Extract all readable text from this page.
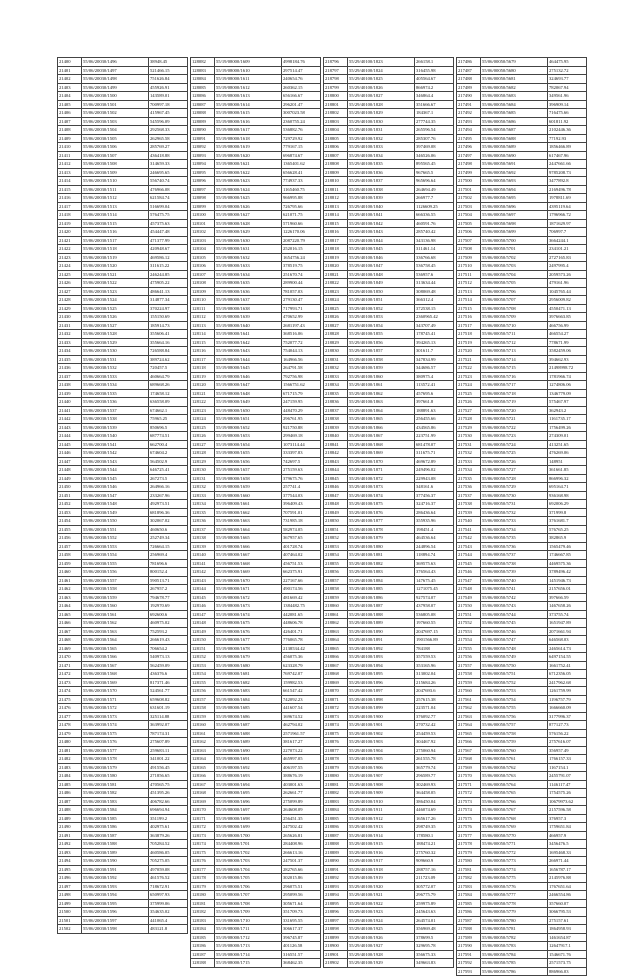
21400	55/06/20030/1496	38948.45
21401	55/06/20030/1497	521466.15
21402	55/06/20030/1498	751626.84
21403	55/06/20030/1499	455926.91
21404	55/06/20030/1500	143589.01
21405	55/06/20030/1501	700997.18
21406	55/06/20030/1502	415967.45
21407	55/06/20030/1503	545596.09
21408	55/06/20030/1504	292568.33
21409	55/06/20030/1505	262965.58
21410	55/06/20030/1506	285769.27
21411	55/06/20030/1507	436418.88
21412	55/06/20030/1508	314659.33
21413	55/06/20030/1509	246695.65
21414	55/06/20030/1510	556740.74
21415	55/06/20030/1511	476966.08
21416	55/06/20030/1512	621584.74
21417	55/06/20030/1513	516699.04
21418	55/06/20030/1514	576475.75
21419	55/06/20030/1515	457375.63
21420	55/06/20030/1516	454447.48
21421	55/06/20030/1517	471377.99
21422	55/06/20030/1518	420948.67
21423	55/06/20030/1519	469586.12
21424	55/06/20030/1520	311615.22
21425	55/06/20030/1521	246244.85
21426	55/06/20030/1522	475905.22
21427	55/06/20030/1523	486641.13
21428	55/06/20030/1524	314877.34
21429	55/06/20030/1525	370224.97
21430	55/06/20030/1526	155150.69
21431	55/06/20030/1527	185914.73
21432	55/06/20030/1528	355606.41
21433	55/06/20030/1529	355664.16
21434	55/06/20030/1530	726588.84
21435	55/06/20030/1531	389724.62
21436	55/06/20030/1532	720457.5
21437	55/06/20030/1533	460664.79
21438	55/06/20030/1534	689668.26
21439	55/06/20030/1535	174658.12
21440	55/06/20030/1536	636558.09
21441	55/06/20030/1537	674662.1
21442	55/06/20030/1538	75965.25
21443	55/06/20030/1539	850696.5
21444	55/06/20030/1540	687774.51
21445	55/06/20030/1541	662700.4
21446	55/06/20030/1542	674604.2
21447	55/06/20030/1543	564502.9
21448	55/06/20030/1544	646725.41
21449	55/06/20030/1545	267273.5
21450	55/06/20030/1546	264966.16
21451	55/06/20030/1547	233267.96
21452	55/06/20030/1548	492973.51
21453	55/06/20030/1549	681896.36
21454	55/06/20030/1550	302067.02
21455	55/06/20030/1551	460650.6
21456	55/06/20030/1552	252749.34
21457	55/06/20030/1553	726664.15
21458	55/06/20030/1554	256969.4
21459	55/06/20030/1555	781696.6
21460	55/06/20030/1556	800152.4
21461	55/06/20030/1557	590513.71
21462	55/06/20030/1558	267957.2
21463	55/06/20030/1559	794678.77
21464	55/06/20030/1560	192970.69
21465	55/06/20030/1561	692600.6
21466	55/06/20030/1562	460975.02
21467	55/06/20030/1563	752593.2
21468	55/06/20030/1564	266619.43
21469	55/06/20030/1565	706654.2
21470	55/06/20030/1566	540973.13
21471	55/06/20030/1567	562459.09
21472	55/06/20030/1568	436376.6
21473	55/06/20030/1569	817371.46
21474	55/06/20030/1570	524561.77
21475	55/06/20030/1571	659608.82
21476	55/06/20030/1572	631601.19
21477	55/06/20030/1573	325114.88
21478	55/06/20030/1574	363992.07
21479	55/06/20030/1575	787174.31
21480	55/06/20030/1576	275607.89
21481	55/06/20030/1577	259683.11
21482	55/06/20030/1578	341001.22
21483	55/06/20030/1579	491556.45
21484	55/06/20030/1580	271856.65
21485	55/06/20030/1581	470565.75
21486	55/06/20030/1582	451395.26
21487	55/06/20030/1583	406782.66
21488	55/06/20030/1584	696694.94
21489	55/06/20030/1585	351199.2
21490	55/06/20030/1586	402975.61
21491	55/06/20030/1587	363879.26
21492	55/06/20030/1588	705284.52
21493	55/06/20030/1589	460586.05
21494	55/06/20030/1590	705275.05
21495	55/06/20030/1591	497059.08
21496	55/06/20030/1592	461576.52
21497	55/06/20030/1593	718672.91
21498	55/06/20030/1594	650997.93
21499	55/06/20030/1595	375999.06
21500	55/06/20030/1596	354635.02
21501	55/06/20030/1597	441065.4
21502	55/06/20030/1598	483121.8
128082	55/19/08000/1609	4998184.76
128083	55/19/08000/1610	297514.47
128084	55/19/08000/1611	240654.76
128085	55/19/08000/1612	260362.15
128086	55/19/08000/1613	656166.67
128087	55/19/08000/1614	296201.47
128088	55/19/08000/1615	3007023.58
128089	55/19/08000/1616	2360755.24
128090	55/19/08000/1617	536882.76
128091	55/19/08000/1618	729729.92
128092	55/19/08000/1619	779167.15
128093	55/19/08000/1620	696874.67
128094	55/19/08000/1621	1365401.62
128095	55/19/08000/1622	656628.41
128096	55/19/08000/1623	774937.33
128097	55/19/08000/1624	1165460.75
128098	55/19/08000/1625	966995.88
128099	55/19/08000/1626	726795.66
128100	55/19/08000/1627	621071.75
128101	55/19/08000/1628	571960.66
128102	55/19/08000/1629	1226170.06
128103	55/19/08000/1630	2087220.79
128104	55/19/08000/1631	252016.15
128105	55/19/08000/1632	1654756.24
128106	55/19/08000/1633	378519.75
128107	55/19/08000/1634	251670.74
128108	55/19/08000/1635	289900.44
128109	55/19/08000/1636	781057.03
128110	55/19/08000/1637	279130.47
128111	55/19/08000/1638	717993.71
128112	55/19/08000/1639	470652.99
128113	55/19/08000/1640	2681197.43
128114	55/19/08000/1641	368516.06
128115	55/19/08000/1642	752077.72
128116	55/19/08000/1643	754044.13
128117	55/19/08000/1644	164966.56
128118	55/19/08000/1645	264791.58
128119	55/19/08000/1646	792756.98
128120	55/19/08000/1647	1566751.62
128121	55/19/08000/1648	671715.79
128122	55/19/08000/1649	247159.95
128123	55/19/08000/1650	448470.29
128124	55/19/08000/1651	296761.95
128125	55/19/08000/1652	921750.88
128126	55/19/08000/1653	299469.18
128127	55/19/08000/1654	1073114.44
128128	55/19/08000/1655	333397.83
128129	55/19/08000/1656	742697.5
128130	55/19/08000/1657	275159.63
128131	55/19/08000/1658	379675.76
128132	55/19/08000/1659	257741.4
128133	55/19/08000/1660	377544.03
128134	55/19/08000/1661	396409.43
128135	55/19/08000/1662	707591.01
128136	55/19/08000/1663	731985.18
128137	55/19/08000/1664	582974.05
128138	55/19/08000/1665	367957.65
128139	55/19/08000/1666	401728.74
128140	55/19/08000/1667	407464.02
128141	55/19/08000/1668	456751.53
128142	55/19/08000/1669	662375.91
128143	55/19/08000/1670	227167.66
128144	55/19/08000/1671	490174.56
128145	55/19/08000/1672	481669.42
128146	55/19/08000/1673	1384482.75
128147	55/19/08000/1674	442081.65
128148	55/19/08000/1675	448606.78
128149	55/19/08000/1676	426401.71
128150	55/19/08000/1677	776065.78
128151	55/19/08000/1678	2138534.42
128152	55/19/08000/1679	456075.36
128153	55/19/08000/1680	623328.79
128154	55/19/08000/1681	769742.07
128155	55/19/08000/1682	159982.53
128156	55/19/08000/1683	661547.42
128157	55/19/08000/1684	742092.23
128158	55/19/08000/1685	441607.54
128159	55/19/08000/1686	169674.52
128160	55/19/08000/1687	462794.02
128161	55/19/08000/1688	2571961.57
128162	55/19/08000/1689	381617.27
128163	55/19/08000/1690	227073.22
128164	55/19/08000/1691	465997.05
128165	55/19/08000/1692	406197.55
128166	55/19/08000/1693	388676.19
128167	55/19/08000/1694	403001.63
128168	55/19/08000/1695	262661.77
128169	55/19/08000/1696	275099.89
128170	55/19/08000/1697	264608.09
128171	55/19/08000/1698	256451.35
128172	55/19/08000/1699	247502.42
128173	55/19/08000/1700	265626.81
128174	55/19/08000/1701	284408.96
128175	55/19/08000/1702	266613.16
128176	55/19/08000/1703	247501.37
128177	55/19/08000/1704	282765.66
128178	55/19/08000/1705	302015.86
128179	55/19/08000/1706	296075.51
128180	55/19/08000/1707	295099.56
128181	55/19/08000/1708	305671.64
128182	55/19/08000/1709	351709.73
128183	55/19/08000/1710	331695.55
128184	55/19/08000/1711	306617.37
128185	55/19/08000/1712	396745.87
128186	55/19/08000/1713	401126.58
128187	55/19/08000/1714	316551.57
128188	55/19/08000/1715	368462.35
218796	55/29/40100/1823	266158.1
218797	55/29/40100/1824	316455.98
218798	55/29/40100/1825	405564.67
218799	55/29/40100/1826	866974.2
218800	55/29/40100/1827	346864.4
218801	55/29/40100/1828	351666.67
218802	55/29/40100/1829	184367.1
218803	55/29/40100/1830	277744.35
218804	55/29/40100/1831	265596.54
218805	55/29/40100/1832	285307.76
218806	55/29/40100/1833	397469.08
218807	55/29/40100/1834	346526.06
218808	55/29/40100/1835	895565.45
218809	55/29/40100/1836	967665.5
218810	55/29/40100/1837	965696.64
218811	55/29/40100/1838	264694.49
218812	55/29/40100/1839	266977.7
218813	55/29/40100/1840	1126609.25
218814	55/29/40100/1841	666336.55
218815	55/29/40100/1842	460591.76
218816	55/29/40100/1843	285740.42
218817	55/29/40100/1844	343136.98
218818	55/29/40100/1845	311461.14
218819	55/29/40100/1846	336766.68
218820	55/29/40100/1847	536758.45
218821	55/29/40100/1848	536957.6
218822	55/29/40100/1849	313634.44
218823	55/29/40100/1850	308069.48
218824	55/29/40100/1851	366312.4
218825	55/29/40100/1852	372538.15
218826	55/29/40100/1853	2360965.42
218827	55/29/40100/1854	343707.49
218828	55/29/40100/1855	178745.41
218829	55/29/40100/1856	394265.13
218830	55/29/40100/1857	301611.7
218831	55/29/40100/1858	347834.99
218832	55/29/40100/1859	344686.57
218833	55/29/40100/1860	380975.4
218834	55/29/40100/1861	113572.41
218835	55/29/40100/1862	457695.6
218836	55/29/40100/1863	397661.8
218837	55/29/40100/1864	188891.63
218838	55/29/40100/1865	256455.66
218839	55/29/40100/1866	434565.86
218840	55/29/40100/1867	223751.99
218841	55/29/40100/1868	681478.07
218842	55/29/40100/1869	311675.71
218843	55/29/40100/1870	469672.89
218844	55/29/40100/1871	249496.02
218845	55/29/40100/1872	229943.08
218846	55/29/40100/1873	348161.6
218847	55/29/40100/1874	377456.37
218848	55/29/40100/1875	324716.37
218849	55/29/40100/1876	286436.64
218850	55/29/40100/1877	355935.96
218851	55/29/40100/1878	198451.4
218852	55/29/40100/1879	464536.64
218853	55/29/40100/1880	244896.54
218854	55/29/40100/1881	118894.74
218855	55/29/40100/1882	369575.63
218856	55/29/40100/1883	376564.43
218857	55/29/40100/1884	147675.45
218858	55/29/40100/1885	1271075.45
218859	55/29/40100/1886	927574.07
218860	55/29/40100/1887	437958.07
218861	55/29/40100/1888	536805.08
218862	55/29/40100/1889	197660.55
218863	55/29/40100/1890	2047697.15
218864	55/29/40100/1891	1901566.89
218865	55/29/40100/1892	784188
218866	55/29/40100/1893	357559.53
218867	55/29/40100/1894	353165.96
218868	55/29/40100/1895	313002.04
218869	55/29/40100/1896	215684.26
218870	55/29/40100/1897	2047693.6
218871	55/29/40100/1898	257615.38
218872	55/29/40100/1899	223571.04
218873	55/29/40100/1900	376092.77
218874	55/29/40100/1901	270732.42
218875	55/29/40100/1902	254459.53
218876	55/29/40100/1903	304467.92
218877	55/29/40100/1904	275060.94
218878	55/29/40100/1905	261555.78
218879	55/29/40100/1906	365779.74
218880	55/29/40100/1907	296589.77
218881	55/29/40100/1908	302469.93
218882	55/29/40100/1909	364458.05
218883	55/29/40100/1910	386450.04
218884	55/29/40100/1911	446074.69
218885	55/29/40100/1912	165617.26
218886	55/29/40100/1913	298749.35
218887	55/29/40100/1914	178580.1
218888	55/29/40100/1915	188474.21
218889	55/29/40100/1916	275760.32
218890	55/29/40100/1917	909660.9
218891	55/29/40100/1918	288757.16
218892	55/29/40100/1919	211723.09
218893	55/29/40100/1920	305772.07
218894	55/29/40100/1921	296775.79
218895	55/29/40100/1922	259975.89
218896	55/29/40100/1923	245643.63
218897	55/29/40100/1924	264574.01
218898	55/29/40100/1925	356969.48
218899	55/29/40100/1926	378699.5
218900	55/29/40100/1927	329695.78
218901	55/29/40100/1928	356675.33
218902	55/29/40100/1929	349663.83
217486	55/06/00050/5679	464475.95
217487	55/06/00050/5680	275132.72
217488	55/06/00050/5681	324693.77
217489	55/06/00050/5682	782067.94
217490	55/06/00050/5683	349561.96
217491	55/06/00050/5684	396909.14
217492	55/06/00050/5685	716475.66
217493	55/06/00050/5686	601811.92
217494	55/06/00050/5687	2102446.36
217495	55/06/00050/5688	77192.93
217496	55/06/00050/5689	1856466.89
217497	55/06/00050/5690	617467.96
217498	55/06/00050/5691	2447661.66
217499	55/06/00050/5692	9785208.73
217500	55/06/00050/5693	3477892.8
217501	55/06/00050/5694	2169496.78
217502	55/06/00050/5695	1978811.69
217503	55/06/00050/5696	4395119.64
217504	55/06/00050/5697	1796966.72
217505	55/06/00050/5698	1871629.97
217506	55/06/00050/5699	706997.7
217507	55/06/00050/5700	3664244.1
217508	55/06/00050/5701	234101.21
217509	55/06/00050/5702	2727165.83
217510	55/06/00050/5703	2497995.4
217511	55/06/00050/5704	2059573.26
217512	55/06/00050/5705	479161.96
217513	55/06/00050/5706	1045765.44
217514	55/06/00050/5707	2956009.82
217515	55/06/00050/5708	4550471.13
217516	55/06/00050/5709	3976663.85
217517	55/06/00050/5710	466756.99
217518	55/06/00050/5711	466554.27
217519	55/06/00050/5712	778671.99
217520	55/06/00050/5713	3582459.06
217521	55/06/00050/5714	394662.93
217522	55/06/00050/5715	21498998.72
217523	55/06/00050/5716	1781966.74
217524	55/06/00050/5717	1274806.06
217525	55/06/00050/5718	1346779.09
217526	55/06/00050/5719	575467.97
217527	55/06/00050/5720	362943.2
217528	55/06/00050/5721	1161735.17
217529	55/06/00050/5722	1756499.26
217530	55/06/00050/5723	274309.01
217531	55/06/00050/5724	413251.65
217532	55/06/00050/5725	476269.06
217533	55/06/00050/5726	148951
217534	55/06/00050/5727	361661.85
217535	55/06/00050/5728	866996.32
217536	55/06/00050/5729	695164.71
217537	55/06/00050/5730	936168.98
217538	55/06/00050/5731	692006.29
217539	55/06/00050/5732	371999.8
217540	55/06/00050/5733	3761681.7
217541	55/06/00050/5734	576765.25
217542	55/06/00050/5735	382865.9
217543	55/06/00050/5736	1565479.46
217544	55/06/00050/5737	1746667.85
217545	55/06/00050/5738	4469575.36
217546	55/06/00050/5739	3789496.42
217547	55/06/00050/5740	1451946.73
217548	55/06/00050/5741	2157656.01
217549	55/06/00050/5742	397666.59
217550	55/06/00050/5743	1467658.26
217551	55/06/00050/5744	373755.74
217552	55/06/00050/5745	1651947.89
217553	55/06/00050/5746	2071661.94
217554	55/06/00050/5747	646568.03
217555	55/06/00050/5748	2465614.73
217556	55/06/00050/5749	6497154.55
217557	55/06/00050/5750	1661752.41
217558	55/06/00050/5751	6712356.05
217559	55/06/00050/5752	2417962.68
217560	55/06/00050/5753	1261759.99
217561	55/06/00050/5754	1196757.79
217562	55/06/00050/5755	1666660.09
217563	55/06/00050/5756	3177996.37
217564	55/06/00050/5757	877127.73
217565	55/06/00050/5758	576156.22
217566	55/06/00050/5759	2757616.07
217567	55/06/00050/5760	356957.49
217568	55/06/00050/5761	1766157.33
217569	55/06/00050/5762	1167154.1
217570	55/06/00050/5763	2455791.07
217571	55/06/00050/5764	1146117.47
217572	55/06/00050/5765	1754575.26
217573	55/06/00050/5766	10679973.62
217574	55/06/00050/5767	2157596.58
217575	55/06/00050/5768	376957.3
217576	55/06/00050/5769	1759651.84
217577	55/06/00050/5770	466957.9
217578	55/06/00050/5771	3456476.5
217579	55/06/00050/5772	1695468.33
217580	55/06/00050/5773	266971.44
217581	55/06/00050/5774	1656787.17
217582	55/06/00050/5775	2145976.88
217583	55/06/00050/5776	1767651.64
217584	55/06/00050/5777	2466554.86
217585	55/06/00050/5778	357660.07
217586	55/06/00050/5779	3066795.53
217587	55/06/00050/5780	275157.61
217588	55/06/00050/5781	1864958.93
217589	55/06/00050/5782	1461654.87
217590	55/06/00050/5783	12647917.1
217591	55/06/00050/5784	1546671.76
217592	55/06/00050/5785	2571573.75
217593	55/06/00050/5786	886966.03
